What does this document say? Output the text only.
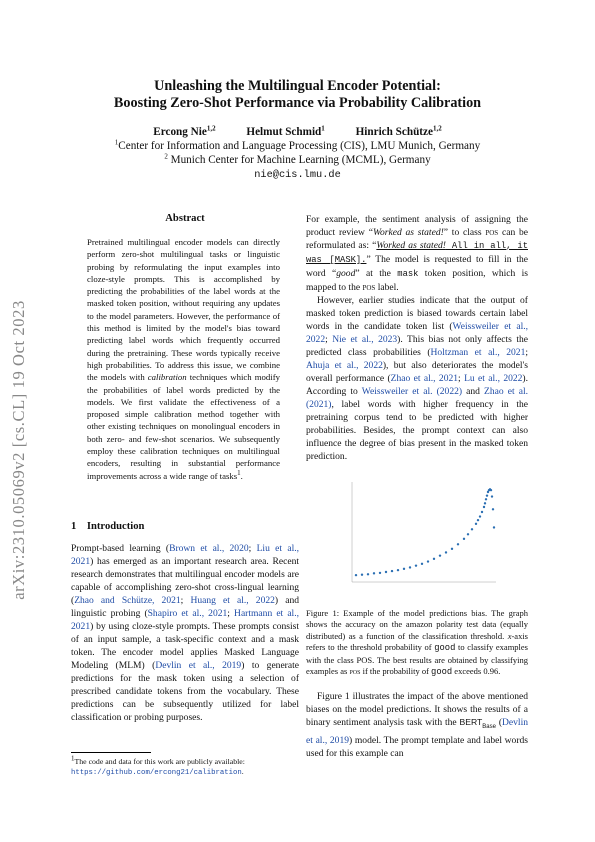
arXiv:2310.05069v2 [cs.CL] 19 Oct 2023
Unleashing the Multilingual Encoder Potential:
Boosting Zero-Shot Performance via Probability Calibration
Ercong Nie$^{1,2}$	Helmut Schmid$^1$	Hinrich Schütze$^{1,2}$
$^1$Center for Information and Language Processing (CIS), LMU Munich, Germany
$^2$ Munich Center for Machine Learning (MCML), Germany
nie@cis.lmu.de
Abstract
Pretrained multilingual encoder models can directly perform zero-shot multilingual tasks or linguistic probing by reformulating the input examples into cloze-style prompts. This is accomplished by predicting the probabilities of the label words at the masked token position, without requiring any updates to the model parameters. However, the performance of this method is limited by the model's bias toward predicting label words which frequently occurred during the pretraining. These words typically receive high probabilities. To address this issue, we combine the models with calibration techniques which modify the probabilities of label words predicted by the models. We first validate the effectiveness of a proposed simple calibration method together with other existing techniques on monolingual encoders in both zero- and few-shot scenarios. We subsequently employ these calibration techniques on multilingual encoders, resulting in substantial performance improvements across a wide range of tasks$^1$.
1 Introduction

Prompt-based learning (Brown et al., 2020; Liu et al., 2021) has emerged as an important research area. Recent research demonstrates that multilingual encoder models are capable of accomplishing zero-shot cross-lingual learning (Zhao and Schütze, 2021; Huang et al., 2022) and linguistic probing (Shapiro et al., 2021; Hartmann et al., 2021) by using cloze-style prompts. These prompts consist of an input sample, a task-specific context and a mask token. The encoder model applies Masked Language Modeling (MLM) (Devlin et al., 2019) to generate predictions for the mask token using a selection of prescribed candidate tokens from the vocabulary. These predictions can be subsequently utilized for label classification or probing purposes.

$^1$The code and data for this work are publicly available: https://github.com/ercong21/calibration.

For example, the sentiment analysis of assigning the product review “Worked as stated!” to class pos can be reformulated as: “Worked as stated! All in all, it was [MASK].” The model is requested to fill in the word “good” at the mask token position, which is mapped to the pos label.

However, earlier studies indicate that the output of masked token prediction is biased towards certain label words in the candidate token list (Weissweiler et al., 2022; Nie et al., 2023). This bias not only affects the predicted class probabilities (Holtzman et al., 2021; Ahuja et al., 2022), but also deteriorates the model's overall performance (Zhao et al., 2021; Lu et al., 2022). According to Weissweiler et al. (2022) and Zhao et al. (2021), label words with higher frequency in the pretraining corpus tend to be predicted with higher probabilities. Besides, the prompt context can also influence the degree of bias present in the masked token prediction.

Figure 1: Example of the model predictions bias. The graph shows the accuracy on the amazon polarity test data (equally distributed) as a function of the classification threshold. x-axis refers to the threshold probability of good to classify examples with the class POS. The best results are obtained by classifying examples as pos if the probability of good exceeds 0.96.

Figure 1 illustrates the impact of the above mentioned biases on the model predictions. It shows the results of a binary sentiment analysis task with the $BERT_{Base}$ (Devlin et al., 2019) model. The prompt template and label words used for this example can
